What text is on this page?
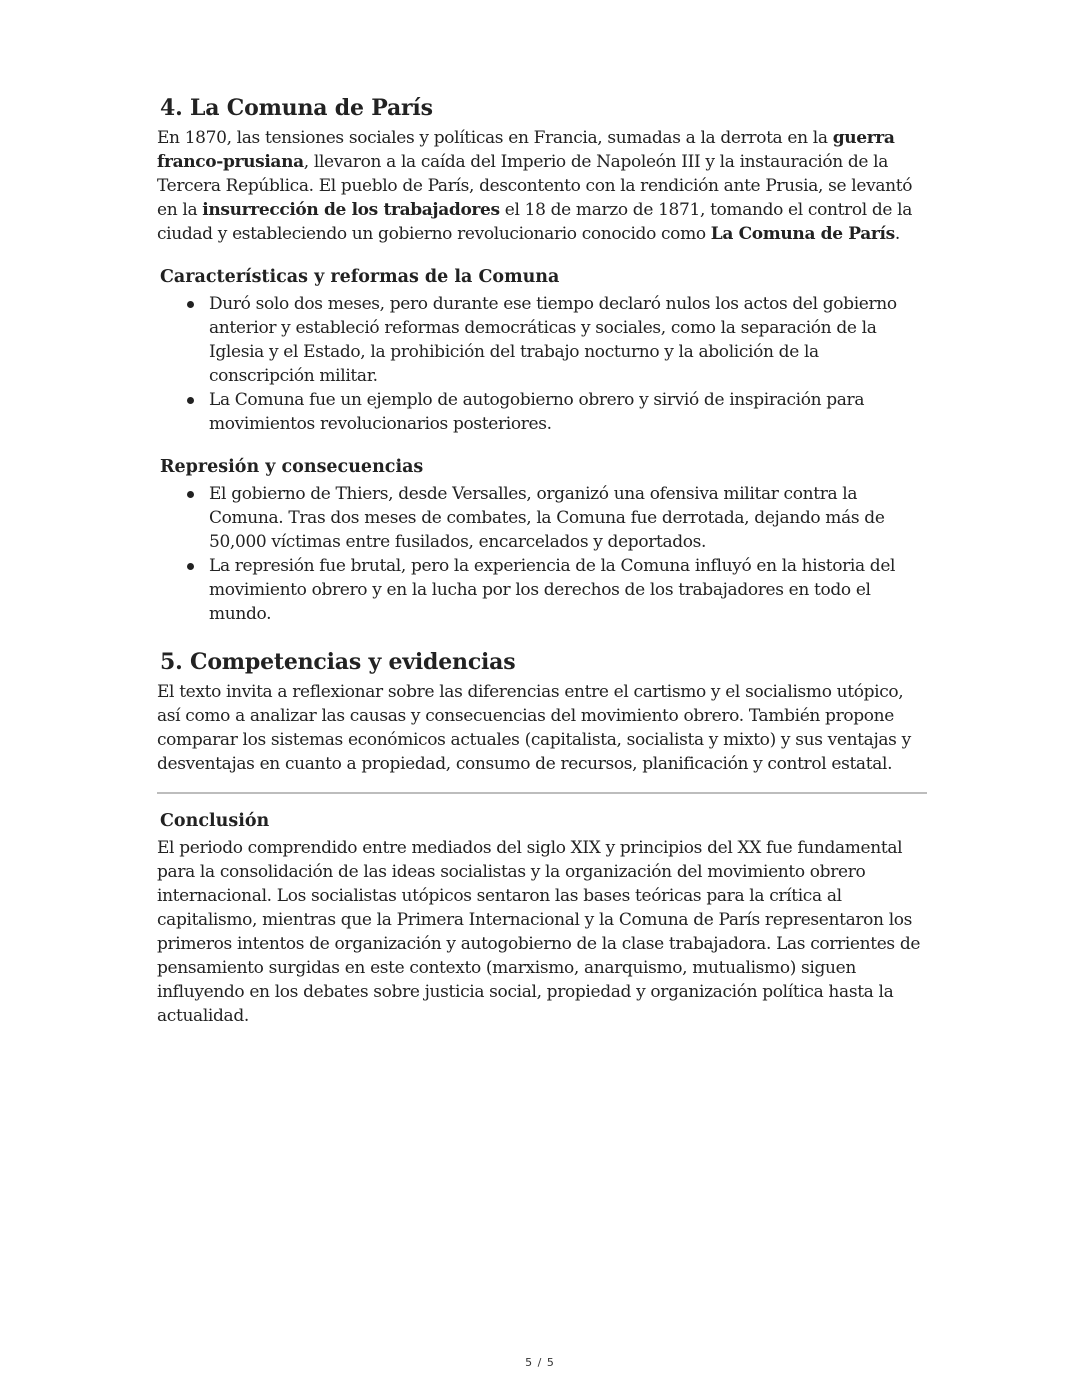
4. La Comuna de París

En 1870, las tensiones sociales y políticas en Francia, sumadas a la derrota en la guerra franco-prusiana, llevaron a la caída del Imperio de Napoleón III y la instauración de la Tercera República. El pueblo de París, descontento con la rendición ante Prusia, se levantó en la insurrección de los trabajadores el 18 de marzo de 1871, tomando el control de la ciudad y estableciendo un gobierno revolucionario conocido como La Comuna de París.

Características y reformas de la Comuna
Duró solo dos meses, pero durante ese tiempo declaró nulos los actos del gobierno anterior y estableció reformas democráticas y sociales, como la separación de la Iglesia y el Estado, la prohibición del trabajo nocturno y la abolición de la conscripción militar.
La Comuna fue un ejemplo de autogobierno obrero y sirvió de inspiración para movimientos revolucionarios posteriores.
Represión y consecuencias
El gobierno de Thiers, desde Versalles, organizó una ofensiva militar contra la Comuna. Tras dos meses de combates, la Comuna fue derrotada, dejando más de 50,000 víctimas entre fusilados, encarcelados y deportados.
La represión fue brutal, pero la experiencia de la Comuna influyó en la historia del movimiento obrero y en la lucha por los derechos de los trabajadores en todo el mundo.
5. Competencias y evidencias

El texto invita a reflexionar sobre las diferencias entre el cartismo y el socialismo utópico, así como a analizar las causas y consecuencias del movimiento obrero. También propone comparar los sistemas económicos actuales (capitalista, socialista y mixto) y sus ventajas y desventajas en cuanto a propiedad, consumo de recursos, planificación y control estatal.

Conclusión

El periodo comprendido entre mediados del siglo XIX y principios del XX fue fundamental para la consolidación de las ideas socialistas y la organización del movimiento obrero internacional. Los socialistas utópicos sentaron las bases teóricas para la crítica al capitalismo, mientras que la Primera Internacional y la Comuna de París representaron los primeros intentos de organización y autogobierno de la clase trabajadora. Las corrientes de pensamiento surgidas en este contexto (marxismo, anarquismo, mutualismo) siguen influyendo en los debates sobre justicia social, propiedad y organización política hasta la actualidad.

5 / 5
